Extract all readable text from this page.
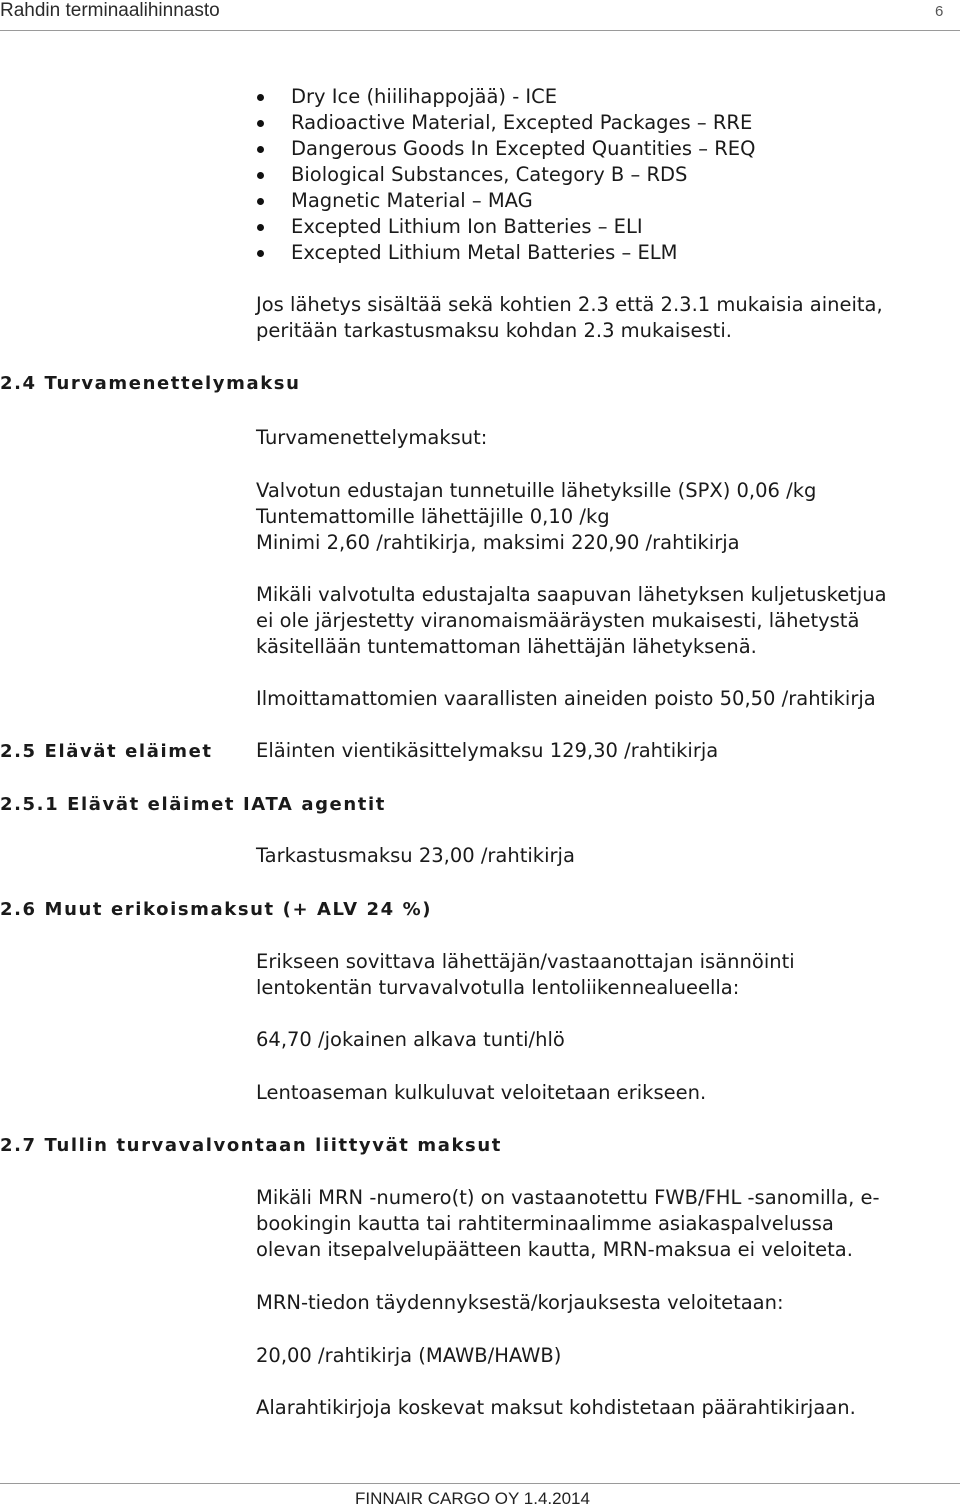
Rahdin terminaalihinnasto	6
Dry Ice (hiilihappojää) - ICE
Radioactive Material, Excepted Packages – RRE
Dangerous Goods In Excepted Quantities – REQ
Biological Substances, Category B – RDS
Magnetic Material – MAG
Excepted Lithium Ion Batteries – ELI
Excepted Lithium Metal Batteries – ELM
Jos lähetys sisältää sekä kohtien 2.3 että 2.3.1 mukaisia aineita,
peritään tarkastusmaksu kohdan 2.3 mukaisesti.
2.4 Turvamenettelymaksu
Turvamenettelymaksut:
Valvotun edustajan tunnetuille lähetyksille (SPX) 0,06 /kg
Tuntemattomille lähettäjille 0,10 /kg
Minimi 2,60 /rahtikirja, maksimi 220,90 /rahtikirja
Mikäli valvotulta edustajalta saapuvan lähetyksen kuljetusketjua
ei ole järjestetty viranomaismääräysten mukaisesti, lähetystä
käsitellään tuntemattoman lähettäjän lähetyksenä.
Ilmoittamattomien vaarallisten aineiden poisto 50,50 /rahtikirja
2.5 Elävät eläimet Eläinten vientikäsittelymaksu 129,30 /rahtikirja
2.5.1 Elävät eläimet IATA agentit
Tarkastusmaksu 23,00 /rahtikirja
2.6 Muut erikoismaksut (+ ALV 24 %)
Erikseen sovittava lähettäjän/vastaanottajan isännöinti
lentokentän turvavalvotulla lentoliikennealueella:
64,70 /jokainen alkava tunti/hlö
Lentoaseman kulkuluvat veloitetaan erikseen.
2.7 Tullin turvavalvontaan liittyvät maksut
Mikäli MRN -numero(t) on vastaanotettu FWB/FHL -sanomilla, e-
bookingin kautta tai rahtiterminaalimme asiakaspalvelussa
olevan itsepalvelupäätteen kautta, MRN-maksua ei veloiteta.
MRN-tiedon täydennyksestä/korjauksesta veloitetaan:
20,00 /rahtikirja (MAWB/HAWB)
Alarahtikirjoja koskevat maksut kohdistetaan päärahtikirjaan.
FINNAIR CARGO OY 1.4.2014
